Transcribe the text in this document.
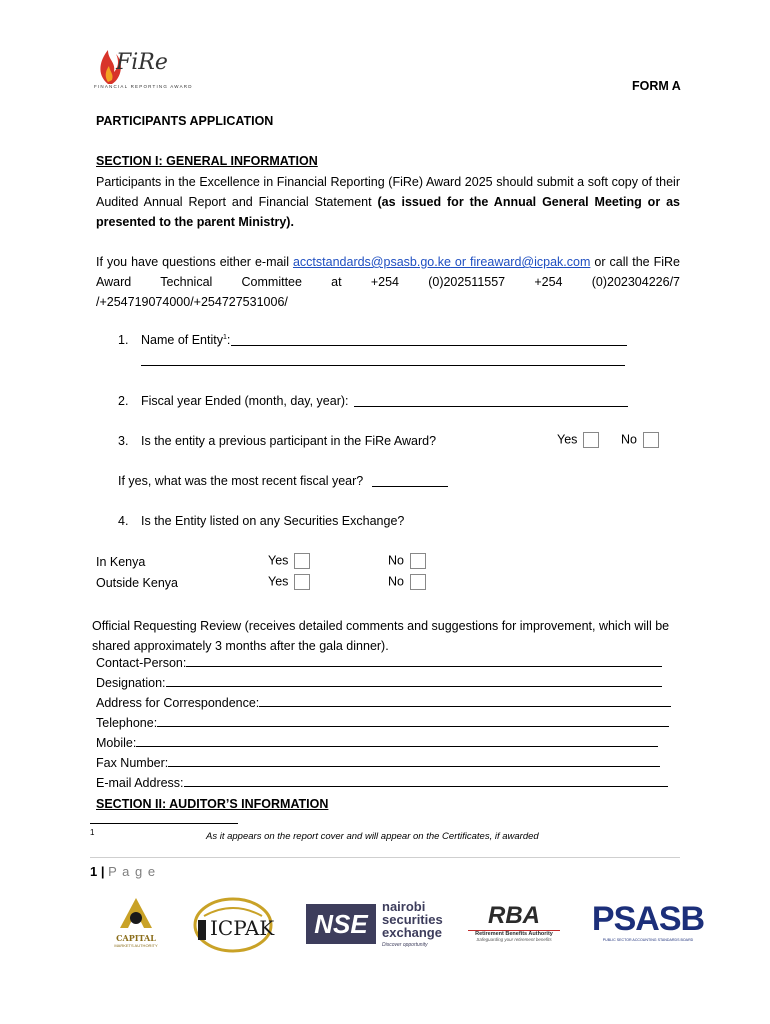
FiRe
FINANCIAL REPORTING AWARD	FORM A
PARTICIPANTS APPLICATION
SECTION I: GENERAL INFORMATION
Participants in the Excellence in Financial Reporting (FiRe) Award 2025 should submit a soft copy of their Audited Annual Report and Financial Statement (as issued for the Annual General Meeting or as presented to the parent Ministry).
If you have questions either e-mail acctstandards@psasb.go.ke or fireaward@icpak.com or call the FiRe Award Technical Committee at +254 (0)202511557 +254 (0)202304226/7 /+254719074000/+254727531006/
1. Name of Entity$^1$:
2. Fiscal year Ended (month, day, year):
3. Is the entity a previous participant in the FiRe Award?	Yes	No
If yes, what was the most recent fiscal year?
4. Is the Entity listed on any Securities Exchange?
In Kenya	Yes	No
Outside Kenya	Yes	No
Official Requesting Review (receives detailed comments and suggestions for improvement, which will be shared approximately 3 months after the gala dinner).
Contact-Person:
Designation:
Address for Correspondence:
Telephone:
Mobile:
Fax Number:
E-mail Address:
SECTION II: AUDITOR’S INFORMATION
1	As it appears on the report cover and will appear on the Certificates, if awarded
1 | P a g e
CAPITAL
MARKETS AUTHORITY
ICPAK	NSE
nairobi
securities
exchange
Discover opportunity
RBA
Retirement Benefits Authority
Safeguarding your retirement benefits
PSASB
PUBLIC SECTOR ACCOUNTING STANDARDS BOARD
